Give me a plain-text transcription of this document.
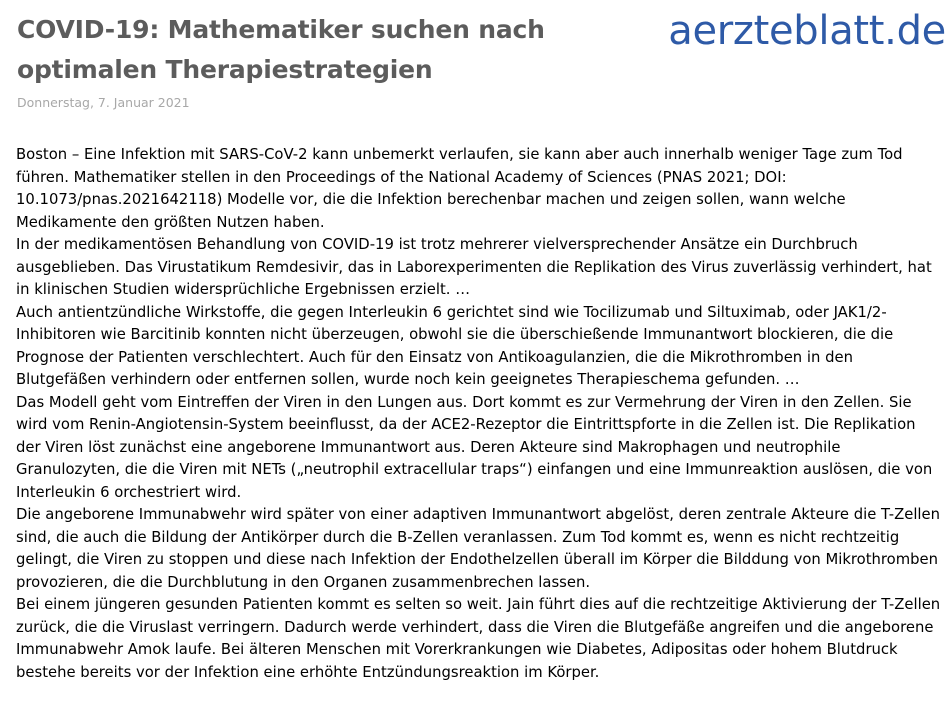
COVID-19: Mathematiker suchen nach optimalen Therapiestrategien
Donnerstag, 7. Januar 2021
aerzteblatt.de

Boston – Eine Infektion mit SARS-CoV-2 kann unbemerkt verlaufen, sie kann aber auch innerhalb weniger Tage zum Tod führen. Mathematiker stellen in den Proceedings of the National Academy of Sciences (PNAS 2021; DOI: 10.1073/pnas.2021642118) Modelle vor, die die Infektion berechenbar machen und zeigen sollen, wann welche Medikamente den größten Nutzen haben.

In der medikamentösen Behandlung von COVID-19 ist trotz mehrerer vielversprechender Ansätze ein Durchbruch ausgeblieben. Das Virustatikum Remdesivir, das in Laborexperimenten die Replikation des Virus zuverlässig verhindert, hat in klinischen Studien widersprüchliche Ergebnissen erzielt. …

Auch antientzündliche Wirkstoffe, die gegen Interleukin 6 gerichtet sind wie Tocilizumab und Siltuximab, oder JAK1/2-Inhibitoren wie Barcitinib konnten nicht überzeugen, obwohl sie die überschießende Immunantwort blockieren, die die Prognose der Patienten verschlechtert. Auch für den Einsatz von Antikoagulanzien, die die Mikrothromben in den Blutgefäßen verhindern oder entfernen sollen, wurde noch kein geeignetes Therapieschema gefunden. …

Das Modell geht vom Eintreffen der Viren in den Lungen aus. Dort kommt es zur Vermehrung der Viren in den Zellen. Sie wird vom Renin-Angiotensin-System beeinflusst, da der ACE2-Rezeptor die Eintrittspforte in die Zellen ist. Die Replikation der Viren löst zunächst eine angeborene Immunantwort aus. Deren Akteure sind Makrophagen und neutrophile Granulozyten, die die Viren mit NETs („neutrophil extracellular traps“) einfangen und eine Immunreaktion auslösen, die von Interleukin 6 orchestriert wird.

Die angeborene Immunabwehr wird später von einer adaptiven Immunantwort abgelöst, deren zentrale Akteure die T-Zellen sind, die auch die Bildung der Antikörper durch die B-Zellen veranlassen. Zum Tod kommt es, wenn es nicht rechtzeitig gelingt, die Viren zu stoppen und diese nach Infektion der Endothelzellen überall im Körper die Bilddung von Mikrothromben provozieren, die die Durchblutung in den Organen zusammenbrechen lassen.

Bei einem jüngeren gesunden Patienten kommt es selten so weit. Jain führt dies auf die rechtzeitige Aktivierung der T-Zellen zurück, die die Viruslast verringern. Dadurch werde verhindert, dass die Viren die Blutgefäße angreifen und die angeborene Immunabwehr Amok laufe. Bei älteren Menschen mit Vorerkrankungen wie Diabetes, Adipositas oder hohem Blutdruck bestehe bereits vor der Infektion eine erhöhte Entzündungsreaktion im Körper.
